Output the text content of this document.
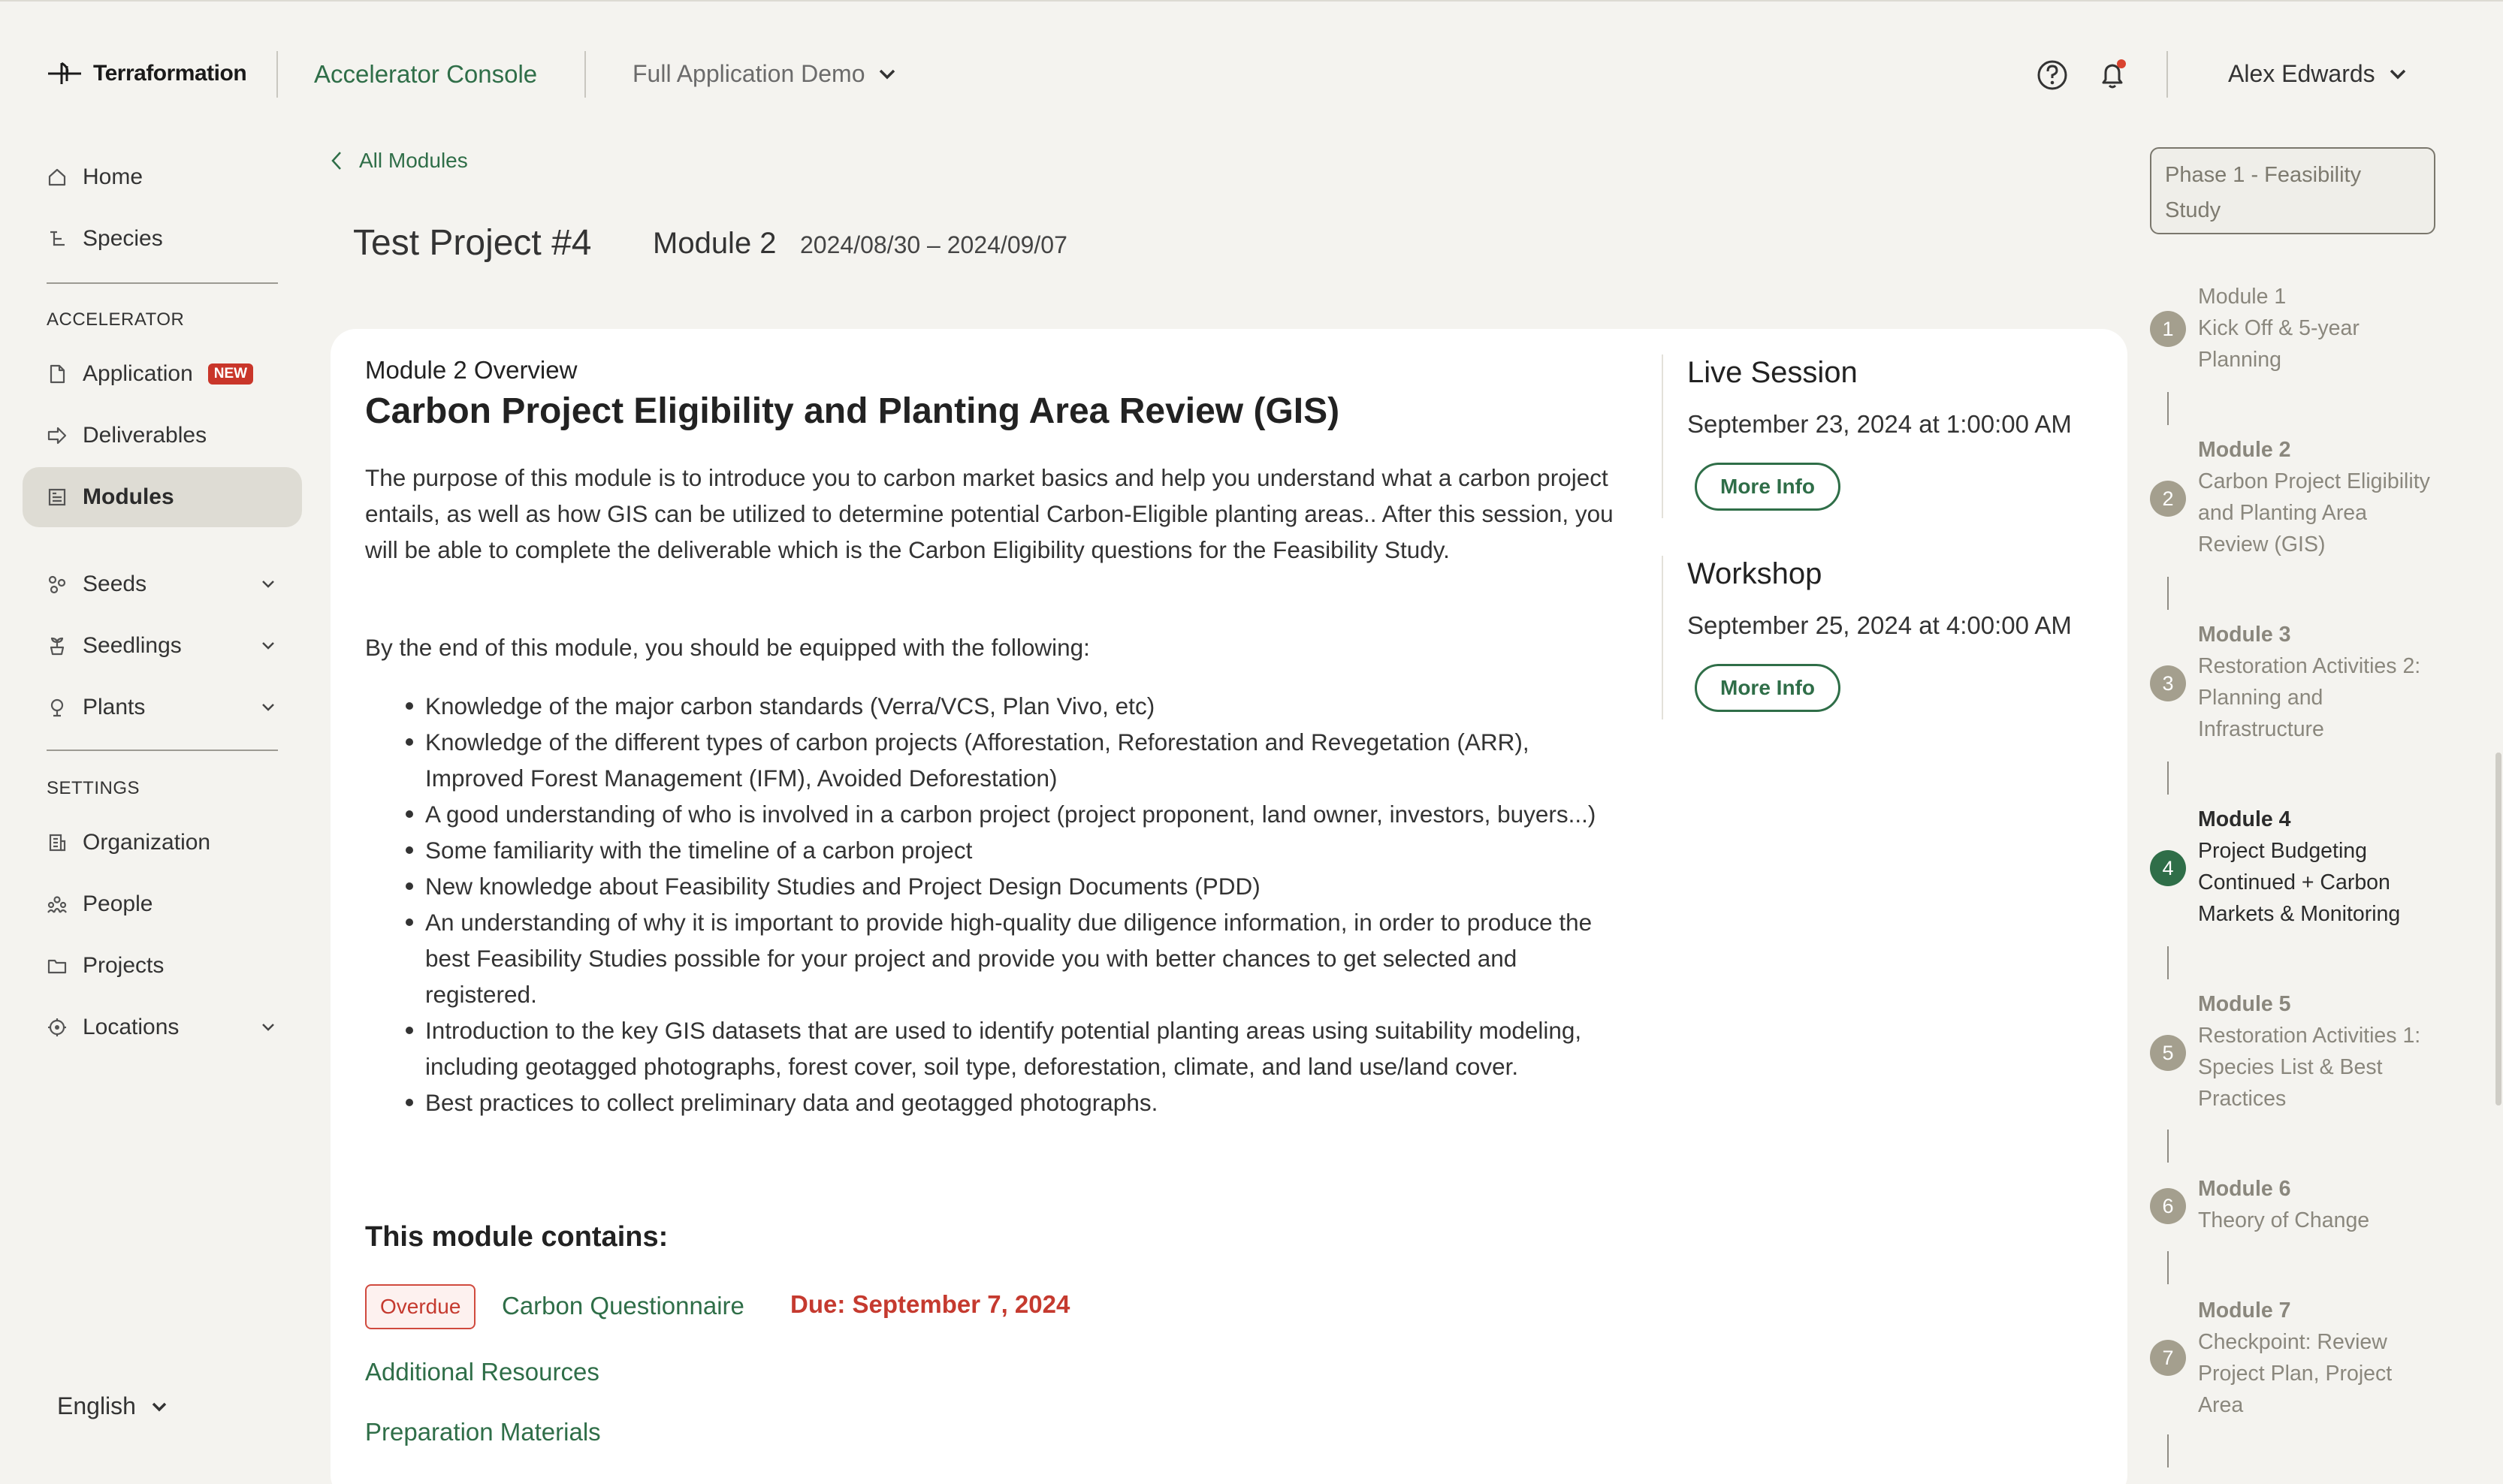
Terraformation	Accelerator Console	Full Application Demo	Alex Edwards
Home
Species
ACCELERATOR
Application	NEW
Deliverables
Modules
Seeds
Seedlings
Plants
SETTINGS
Organization
People
Projects
Locations
English
All Modules
Test Project #4 Module 2 2024/08/30 – 2024/09/07
Module 2 Overview
Carbon Project Eligibility and Planting Area Review (GIS)

The purpose of this module is to introduce you to carbon market basics and help you understand what a carbon project entails, as well as how GIS can be utilized to determine potential Carbon-Eligible planting areas.. After this session, you will be able to complete the deliverable which is the Carbon Eligibility questions for the Feasibility Study.

By the end of this module, you should be equipped with the following:

Knowledge of the major carbon standards (Verra/VCS, Plan Vivo, etc)
Knowledge of the different types of carbon projects (Afforestation, Reforestation and Revegetation (ARR), Improved Forest Management (IFM), Avoided Deforestation)
A good understanding of who is involved in a carbon project (project proponent, land owner, investors, buyers...)
Some familiarity with the timeline of a carbon project
New knowledge about Feasibility Studies and Project Design Documents (PDD)
An understanding of why it is important to provide high-quality due diligence information, in order to produce the best Feasibility Studies possible for your project and provide you with better chances to get selected and registered.
Introduction to the key GIS datasets that are used to identify potential planting areas using suitability modeling, including geotagged photographs, forest cover, soil type, deforestation, climate, and land use/land cover.
Best practices to collect preliminary data and geotagged photographs.
This module contains:
Overdue	Carbon Questionnaire Due: September 7, 2024
Additional Resources
Preparation Materials
Live Session
September 23, 2024 at 1:00:00 AM
More Info
Workshop
September 25, 2024 at 4:00:00 AM
More Info
Phase 1 - Feasibility Study
1
Module 1
Kick Off & 5-year Planning
2
Module 2
Carbon Project Eligibility and Planting Area Review (GIS)
3
Module 3
Restoration Activities 2: Planning and Infrastructure
4
Module 4
Project Budgeting Continued + Carbon Markets & Monitoring
5
Module 5
Restoration Activities 1: Species List & Best Practices
6
Module 6
Theory of Change
7
Module 7
Checkpoint: Review Project Plan, Project Area
